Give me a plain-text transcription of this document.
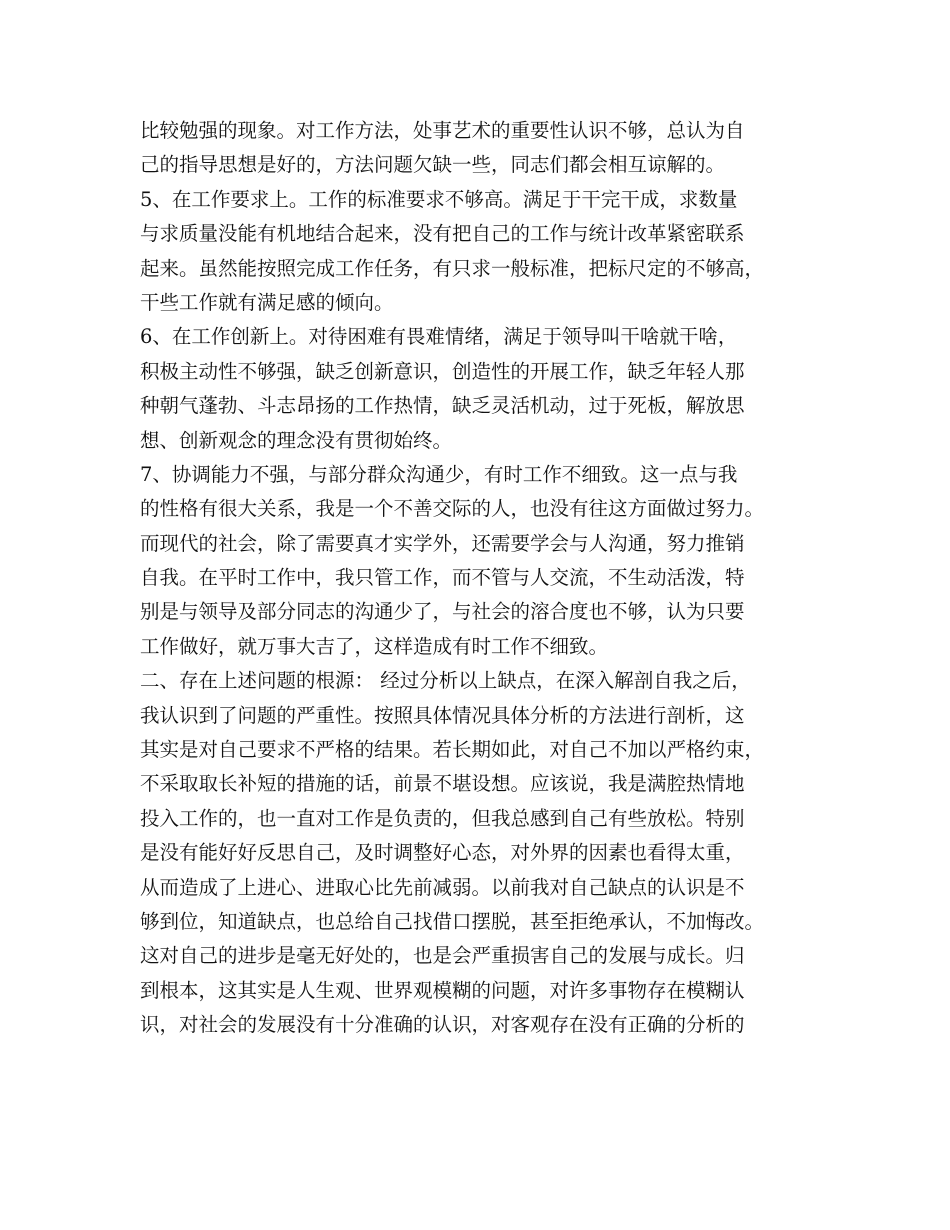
比较勉强的现象。对工作方法，处事艺术的重要性认识不够，总认为自
己的指导思想是好的，方法问题欠缺一些，同志们都会相互谅解的。
5、在工作要求上。工作的标准要求不够高。满足于干完干成，求数量
与求质量没能有机地结合起来，没有把自己的工作与统计改革紧密联系
起来。虽然能按照完成工作任务，有只求一般标准，把标尺定的不够高，
干些工作就有满足感的倾向。
6、在工作创新上。对待困难有畏难情绪，满足于领导叫干啥就干啥，
积极主动性不够强，缺乏创新意识，创造性的开展工作，缺乏年轻人那
种朝气蓬勃、斗志昂扬的工作热情，缺乏灵活机动，过于死板，解放思
想、创新观念的理念没有贯彻始终。
7、协调能力不强，与部分群众沟通少，有时工作不细致。这一点与我
的性格有很大关系，我是一个不善交际的人，也没有往这方面做过努力。
而现代的社会，除了需要真才实学外，还需要学会与人沟通，努力推销
自我。在平时工作中，我只管工作，而不管与人交流，不生动活泼，特
别是与领导及部分同志的沟通少了，与社会的溶合度也不够，认为只要
工作做好，就万事大吉了，这样造成有时工作不细致。
二、存在上述问题的根源： 经过分析以上缺点，在深入解剖自我之后，
我认识到了问题的严重性。按照具体情况具体分析的方法进行剖析，这
其实是对自己要求不严格的结果。若长期如此，对自己不加以严格约束，
不采取取长补短的措施的话，前景不堪设想。应该说，我是满腔热情地
投入工作的，也一直对工作是负责的，但我总感到自己有些放松。特别
是没有能好好反思自己，及时调整好心态，对外界的因素也看得太重，
从而造成了上进心、进取心比先前减弱。以前我对自己缺点的认识是不
够到位，知道缺点，也总给自己找借口摆脱，甚至拒绝承认，不加悔改。
这对自己的进步是毫无好处的，也是会严重损害自己的发展与成长。归
到根本，这其实是人生观、世界观模糊的问题，对许多事物存在模糊认
识，对社会的发展没有十分准确的认识，对客观存在没有正确的分析的
